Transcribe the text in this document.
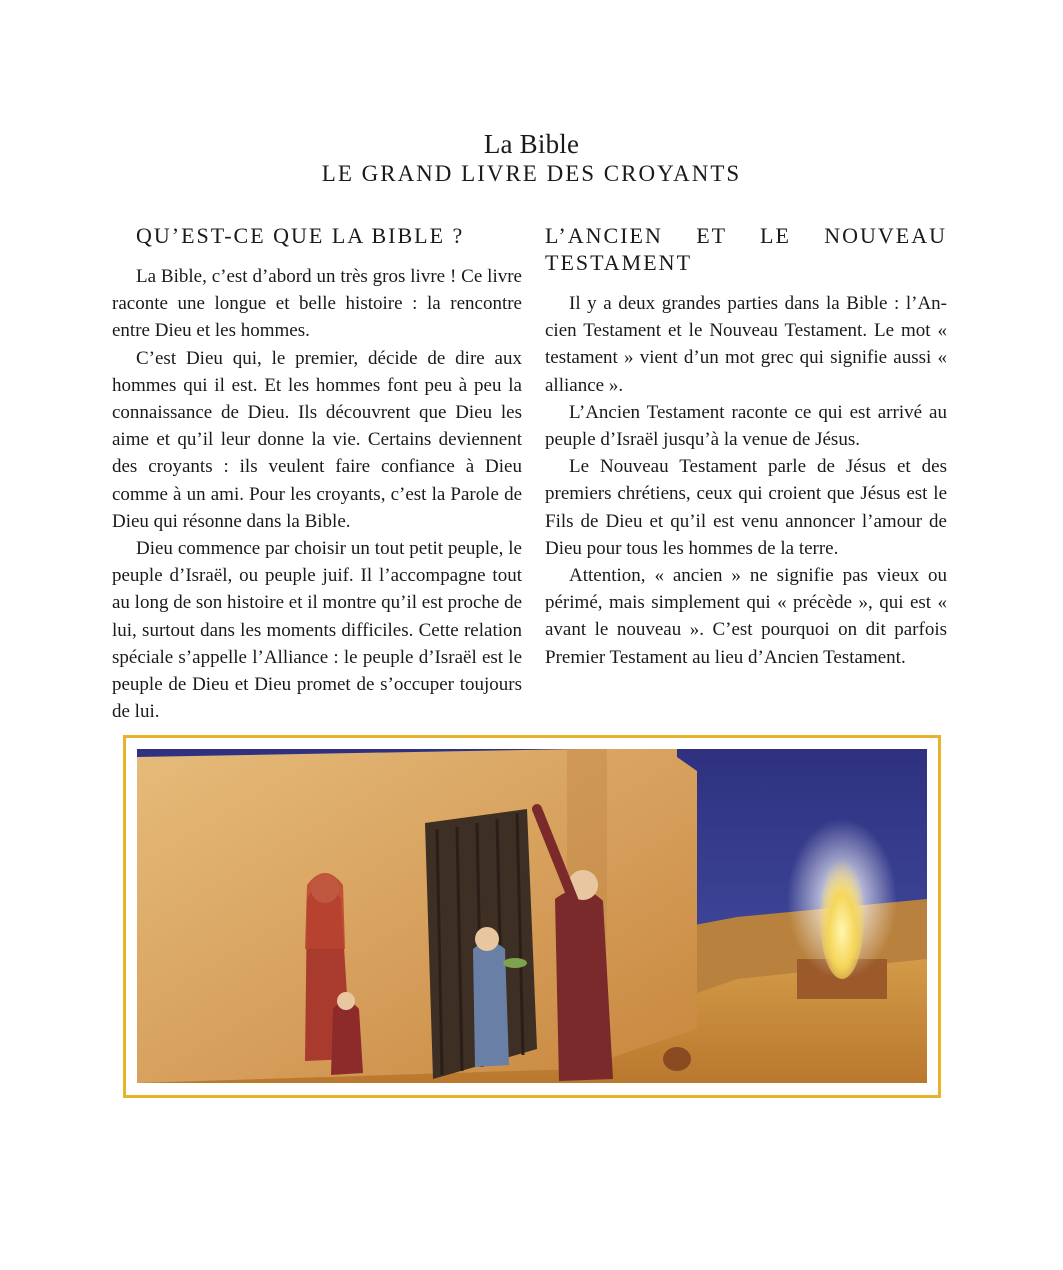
La Bible
LE GRAND LIVRE DES CROYANTS
QU’EST-CE QUE LA BIBLE ?

La Bible, c’est d’abord un très gros livre ! Ce livre raconte une longue et belle histoire : la rencontre entre Dieu et les hommes.

C’est Dieu qui, le premier, décide de dire aux hommes qui il est. Et les hommes font peu à peu la connaissance de Dieu. Ils découvrent que Dieu les aime et qu’il leur donne la vie. Certains deviennent des croyants : ils veulent faire confiance à Dieu comme à un ami. Pour les croyants, c’est la Parole de Dieu qui résonne dans la Bible.

Dieu commence par choisir un tout petit peuple, le peuple d’Israël, ou peuple juif. Il l’accompagne tout au long de son histoire et il montre qu’il est proche de lui, surtout dans les moments difficiles. Cette relation spéciale s’appelle l’Alliance : le peuple d’Israël est le peuple de Dieu et Dieu promet de s’occuper toujours de lui.

L’ANCIEN ET LE NOUVEAU TESTAMENT

Il y a deux grandes parties dans la Bible : l’Ancien Testament et le Nouveau Testament. Le mot « testament » vient d’un mot grec qui signifie aussi « alliance ».

L’Ancien Testament raconte ce qui est arrivé au peuple d’Israël jusqu’à la venue de Jésus.

Le Nouveau Testament parle de Jésus et des premiers chrétiens, ceux qui croient que Jésus est le Fils de Dieu et qu’il est venu annoncer l’amour de Dieu pour tous les hommes de la terre.

Attention, « ancien » ne signifie pas vieux ou périmé, mais simplement qui « précède », qui est « avant le nouveau ». C’est pourquoi on dit parfois Premier Testament au lieu d’Ancien Testament.
